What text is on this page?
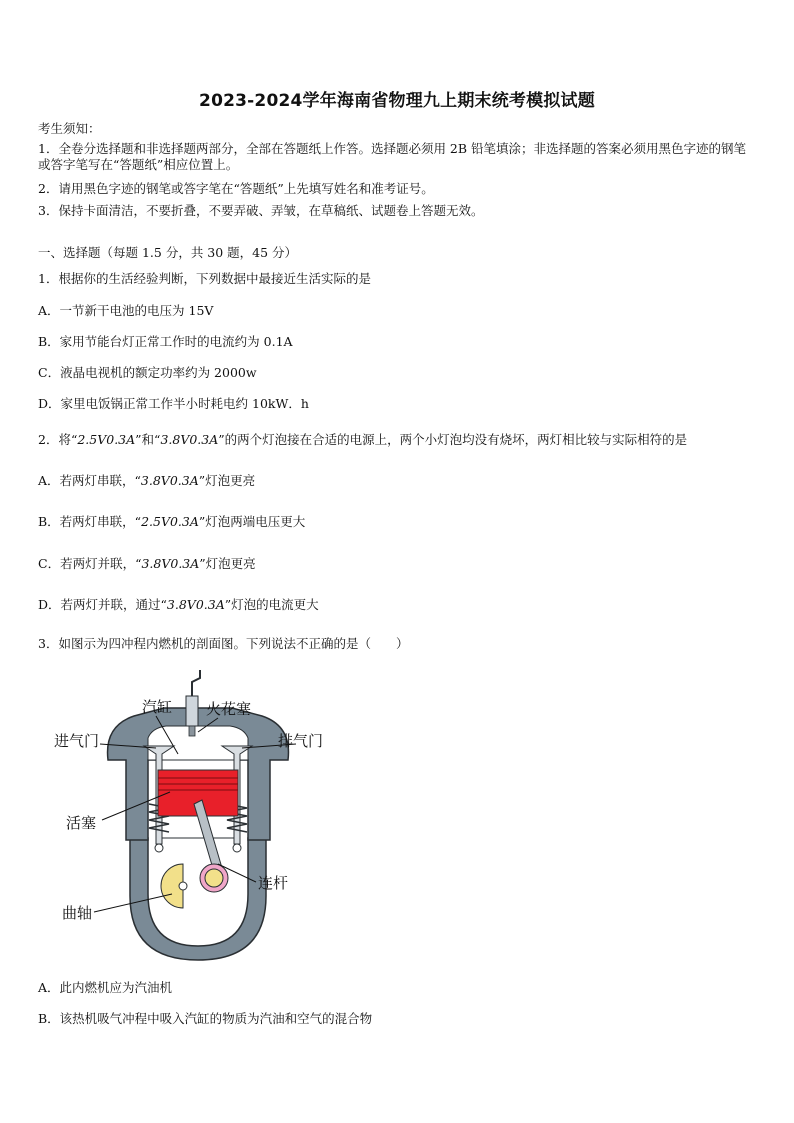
2023-2024学年海南省物理九上期末统考模拟试题
考生须知：
1．全卷分选择题和非选择题两部分，全部在答题纸上作答。选择题必须用 2B 铅笔填涂；非选择题的答案必须用黑色字迹的钢笔或答字笔写在“答题纸”相应位置上。
2．请用黑色字迹的钢笔或答字笔在“答题纸”上先填写姓名和准考证号。
3．保持卡面清洁，不要折叠，不要弄破、弄皱，在草稿纸、试题卷上答题无效。
一、选择题（每题 1.5 分，共 30 题，45 分）
1．根据你的生活经验判断，下列数据中最接近生活实际的是
A．一节新干电池的电压为 15V
B．家用节能台灯正常工作时的电流约为 0.1A
C．液晶电视机的额定功率约为 2000w
D．家里电饭锅正常工作半小时耗电约 10kW．h
2．将“2.5V0.3A”和“3.8V0.3A”的两个灯泡接在合适的电源上，两个小灯泡均没有烧坏，两灯相比较与实际相符的是
A．若两灯串联，“3.8V0.3A”灯泡更亮
B．若两灯串联，“2.5V0.3A”灯泡两端电压更大
C．若两灯并联，“3.8V0.3A”灯泡更亮
D．若两灯并联，通过“3.8V0.3A”灯泡的电流更大
3．如图示为四冲程内燃机的剖面图。下列说法不正确的是（　　）
汽缸 火花塞
进气门	排气门
活塞
连杆
曲轴
A．此内燃机应为汽油机
B．该热机吸气冲程中吸入汽缸的物质为汽油和空气的混合物
